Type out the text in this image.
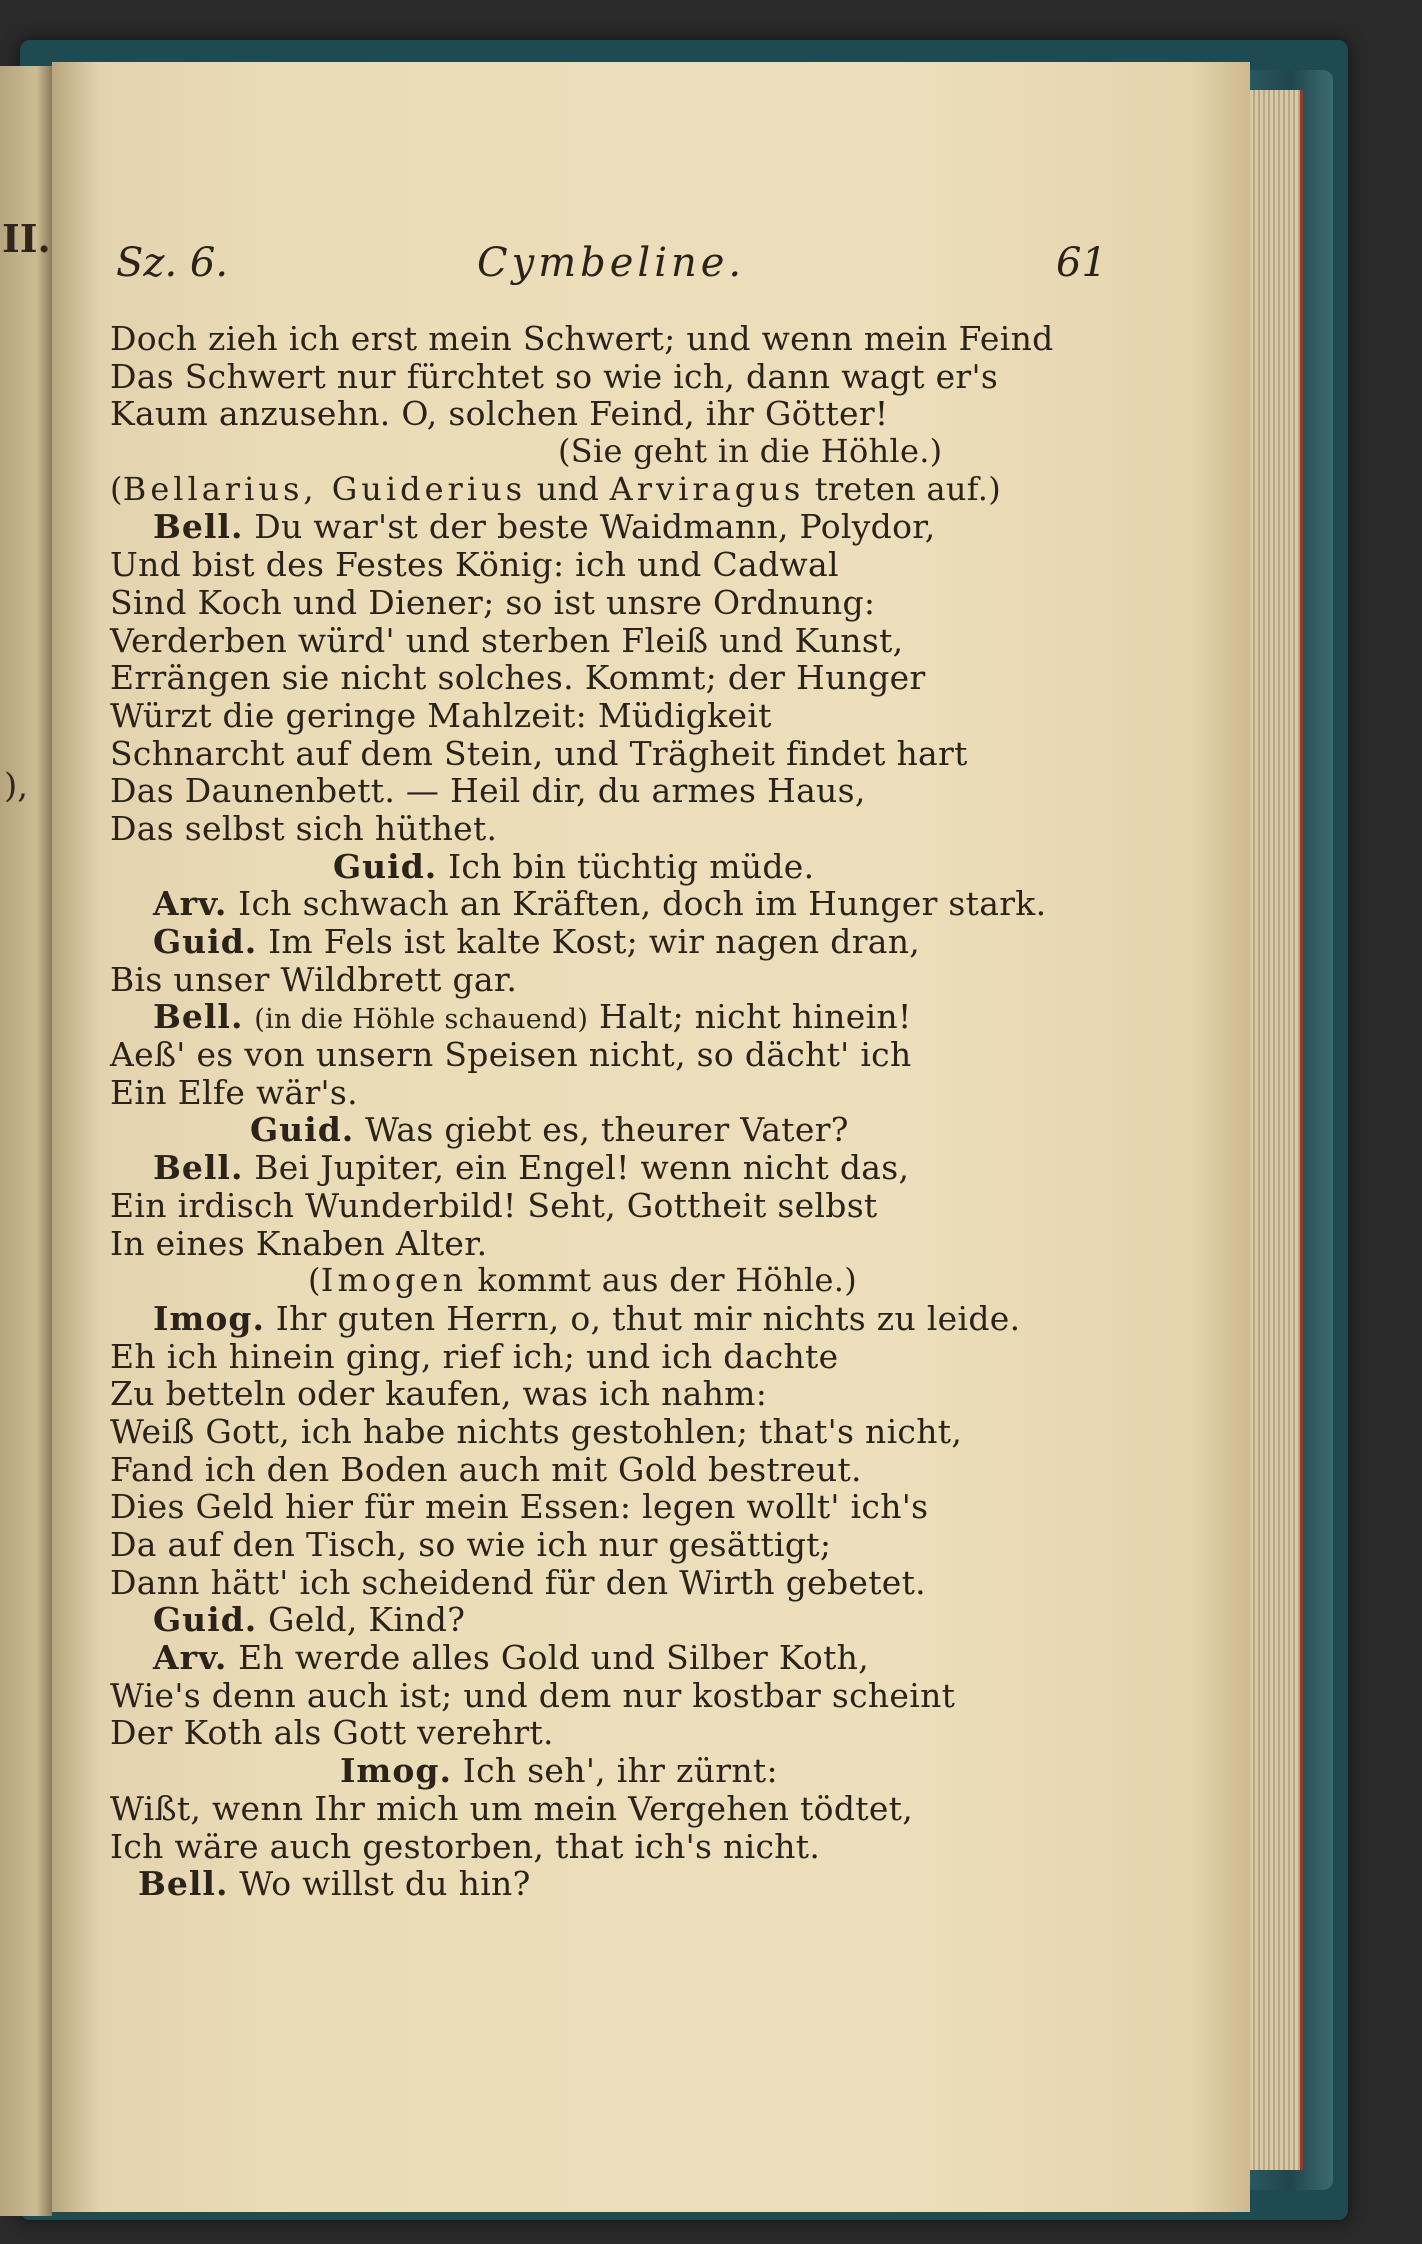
II.
),
Sz. 6.	Cymbeline.	61
Doch zieh ich erst mein Schwert; und wenn mein Feind
Das Schwert nur fürchtet so wie ich, dann wagt er's
Kaum anzusehn. O, solchen Feind, ihr Götter!
(Sie geht in die Höhle.)
(Bellarius, Guiderius und Arviragus treten auf.)
Bell. Du war'st der beste Waidmann, Polydor,
Und bist des Festes König: ich und Cadwal
Sind Koch und Diener; so ist unsre Ordnung:
Verderben würd' und sterben Fleiß und Kunst,
Errängen sie nicht solches. Kommt; der Hunger
Würzt die geringe Mahlzeit: Müdigkeit
Schnarcht auf dem Stein, und Trägheit findet hart
Das Daunenbett. — Heil dir, du armes Haus,
Das selbst sich hüthet.
Guid. Ich bin tüchtig müde.
Arv. Ich schwach an Kräften, doch im Hunger stark.
Guid. Im Fels ist kalte Kost; wir nagen dran,
Bis unser Wildbrett gar.
Bell. (in die Höhle schauend) Halt; nicht hinein!
Aeß' es von unsern Speisen nicht, so dächt' ich
Ein Elfe wär's.
Guid. Was giebt es, theurer Vater?
Bell. Bei Jupiter, ein Engel! wenn nicht das,
Ein irdisch Wunderbild! Seht, Gottheit selbst
In eines Knaben Alter.
(Imogen kommt aus der Höhle.)
Imog. Ihr guten Herrn, o, thut mir nichts zu leide.
Eh ich hinein ging, rief ich; und ich dachte
Zu betteln oder kaufen, was ich nahm:
Weiß Gott, ich habe nichts gestohlen; that's nicht,
Fand ich den Boden auch mit Gold bestreut.
Dies Geld hier für mein Essen: legen wollt' ich's
Da auf den Tisch, so wie ich nur gesättigt;
Dann hätt' ich scheidend für den Wirth gebetet.
Guid. Geld, Kind?
Arv. Eh werde alles Gold und Silber Koth,
Wie's denn auch ist; und dem nur kostbar scheint
Der Koth als Gott verehrt.
Imog. Ich seh', ihr zürnt:
Wißt, wenn Ihr mich um mein Vergehen tödtet,
Ich wäre auch gestorben, that ich's nicht.
Bell. Wo willst du hin?
